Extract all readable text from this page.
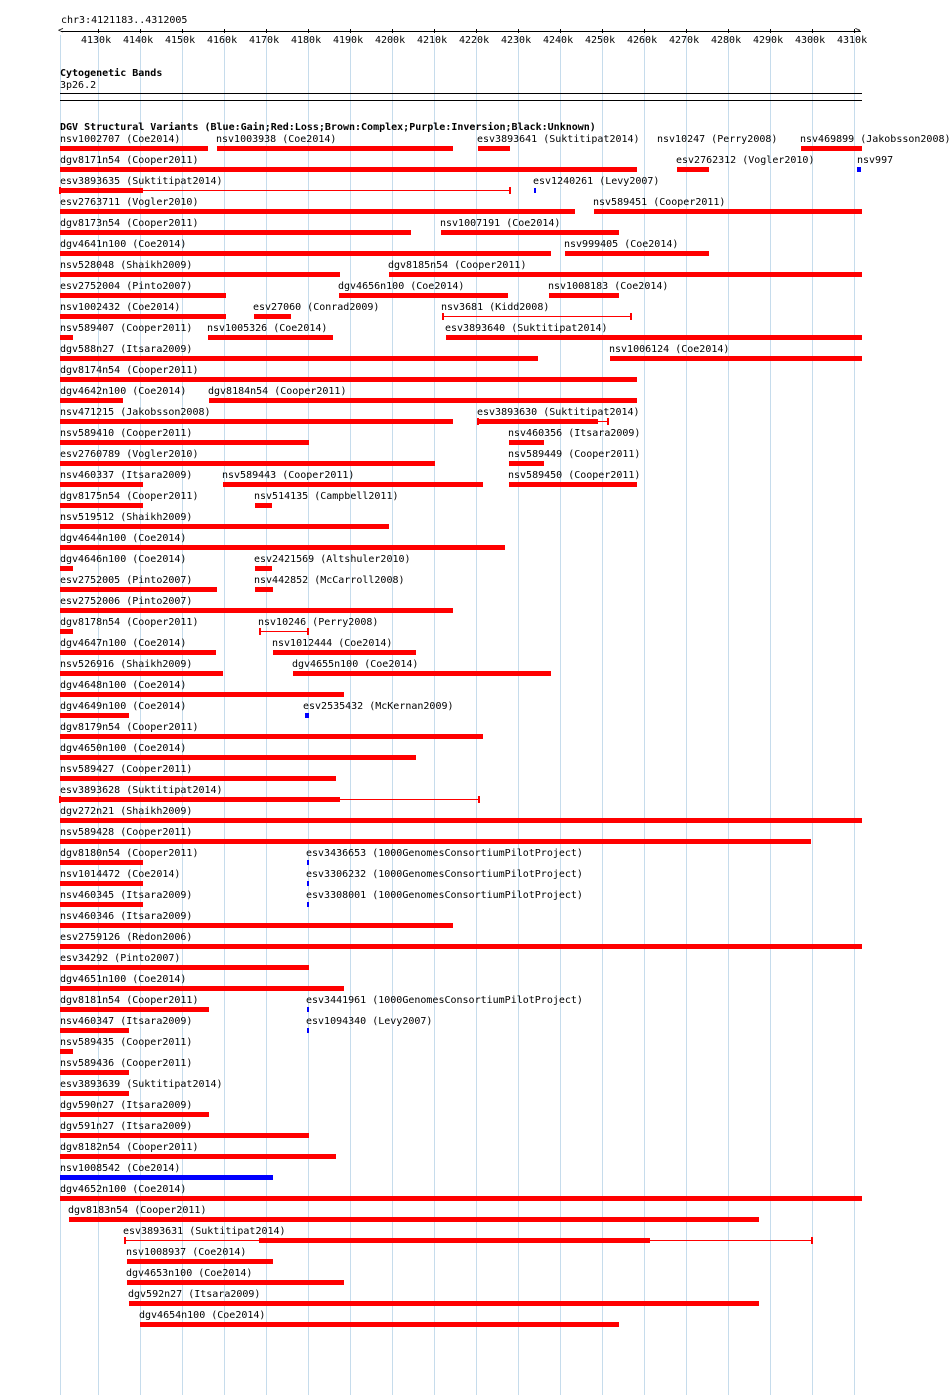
chr3:4121183..4312005
4130k 4140k 4150k 4160k 4170k 4180k 4190k 4200k 4210k 4220k 4230k 4240k 4250k 4260k 4270k 4280k 4290k 4300k 4310k
<	>
Cytogenetic Bands
3p26.2
DGV Structural Variants (Blue:Gain;Red:Loss;Brown:Complex;Purple:Inversion;Black:Unknown)
nsv1002707 (Coe2014)	nsv1003938 (Coe2014)	esv3893641 (Suktitipat2014) nsv10247 (Perry2008) nsv469899 (Jakobsson2008)
dgv8171n54 (Cooper2011)	esv2762312 (Vogler2010)	nsv997
esv3893635 (Suktitipat2014)	esv1240261 (Levy2007)
esv2763711 (Vogler2010)	nsv589451 (Cooper2011)
dgv8173n54 (Cooper2011)	nsv1007191 (Coe2014)
dgv4641n100 (Coe2014)	nsv999405 (Coe2014)
nsv528048 (Shaikh2009)	dgv8185n54 (Cooper2011)
esv2752004 (Pinto2007)	dgv4656n100 (Coe2014)	nsv1008183 (Coe2014)
nsv1002432 (Coe2014)	esv27060 (Conrad2009)	nsv3681 (Kidd2008)
nsv589407 (Cooper2011) nsv1005326 (Coe2014)	esv3893640 (Suktitipat2014)
dgv588n27 (Itsara2009)	nsv1006124 (Coe2014)
dgv8174n54 (Cooper2011)
dgv4642n100 (Coe2014) dgv8184n54 (Cooper2011)
nsv471215 (Jakobsson2008)	esv3893630 (Suktitipat2014)
nsv589410 (Cooper2011)	nsv460356 (Itsara2009)
esv2760789 (Vogler2010)	nsv589449 (Cooper2011)
nsv460337 (Itsara2009)	nsv589443 (Cooper2011)	nsv589450 (Cooper2011)
dgv8175n54 (Cooper2011)	nsv514135 (Campbell2011)
nsv519512 (Shaikh2009)
dgv4644n100 (Coe2014)
dgv4646n100 (Coe2014)	esv2421569 (Altshuler2010)
esv2752005 (Pinto2007)	nsv442852 (McCarroll2008)
esv2752006 (Pinto2007)
dgv8178n54 (Cooper2011)	nsv10246 (Perry2008)
dgv4647n100 (Coe2014)	nsv1012444 (Coe2014)
nsv526916 (Shaikh2009)	dgv4655n100 (Coe2014)
dgv4648n100 (Coe2014)
dgv4649n100 (Coe2014)	esv2535432 (McKernan2009)
dgv8179n54 (Cooper2011)
dgv4650n100 (Coe2014)
nsv589427 (Cooper2011)
esv3893628 (Suktitipat2014)
dgv272n21 (Shaikh2009)
nsv589428 (Cooper2011)
dgv8180n54 (Cooper2011)	esv3436653 (1000GenomesConsortiumPilotProject)
nsv1014472 (Coe2014)	esv3306232 (1000GenomesConsortiumPilotProject)
nsv460345 (Itsara2009)	esv3308001 (1000GenomesConsortiumPilotProject)
nsv460346 (Itsara2009)
esv2759126 (Redon2006)
esv34292 (Pinto2007)
dgv4651n100 (Coe2014)
dgv8181n54 (Cooper2011)	esv3441961 (1000GenomesConsortiumPilotProject)
nsv460347 (Itsara2009)	esv1094340 (Levy2007)
nsv589435 (Cooper2011)
nsv589436 (Cooper2011)
esv3893639 (Suktitipat2014)
dgv590n27 (Itsara2009)
dgv591n27 (Itsara2009)
dgv8182n54 (Cooper2011)
nsv1008542 (Coe2014)
dgv4652n100 (Coe2014)
dgv8183n54 (Cooper2011)
esv3893631 (Suktitipat2014)
nsv1008937 (Coe2014)
dgv4653n100 (Coe2014)
dgv592n27 (Itsara2009)
dgv4654n100 (Coe2014)
